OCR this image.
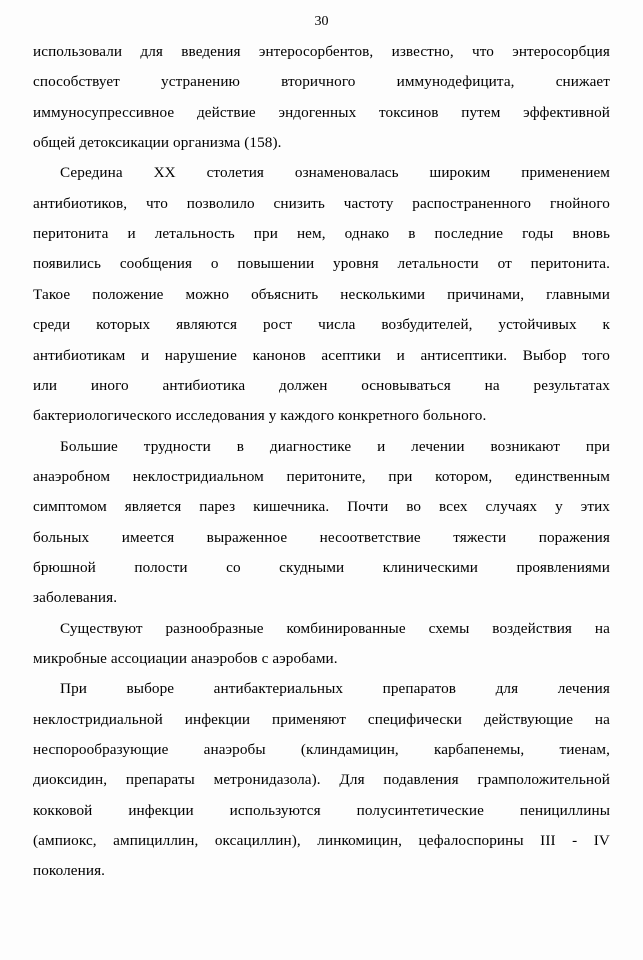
30
использовали для введения энтеросорбентов, известно, что энтеросорбция
способствует устранению вторичного иммунодефицита, снижает
иммуносупрессивное действие эндогенных токсинов путем эффективной
общей детоксикации организма (158).
Середина XX столетия ознаменовалась широким применением
антибиотиков, что позволило снизить частоту распостраненного гнойного
перитонита и летальность при нем, однако в последние годы вновь
появились сообщения о повышении уровня летальности от перитонита.
Такое положение можно объяснить несколькими причинами, главными
среди которых являются рост числа возбудителей, устойчивых к
антибиотикам и нарушение канонов асептики и антисептики. Выбор того
или иного антибиотика должен основываться на результатах
бактериологического исследования у каждого конкретного больного.
Большие трудности в диагностике и лечении возникают при
анаэробном неклостридиальном перитоните, при котором, единственным
симптомом является парез кишечника. Почти во всех случаях у этих
больных имеется выраженное несоответствие тяжести поражения
брюшной полости со скудными клиническими проявлениями
заболевания.
Существуют разнообразные комбинированные схемы воздействия на
микробные ассоциации анаэробов с аэробами.
При выборе антибактериальных препаратов для лечения
неклостридиальной инфекции применяют специфически действующие на
неспорообразующие анаэробы (клиндамицин, карбапенемы, тиенам,
диоксидин, препараты метронидазола). Для подавления грамположительной
кокковой инфекции используются полусинтетические пенициллины
(ампиокс, ампициллин, оксациллин), линкомицин, цефалоспорины III - IV
поколения.
